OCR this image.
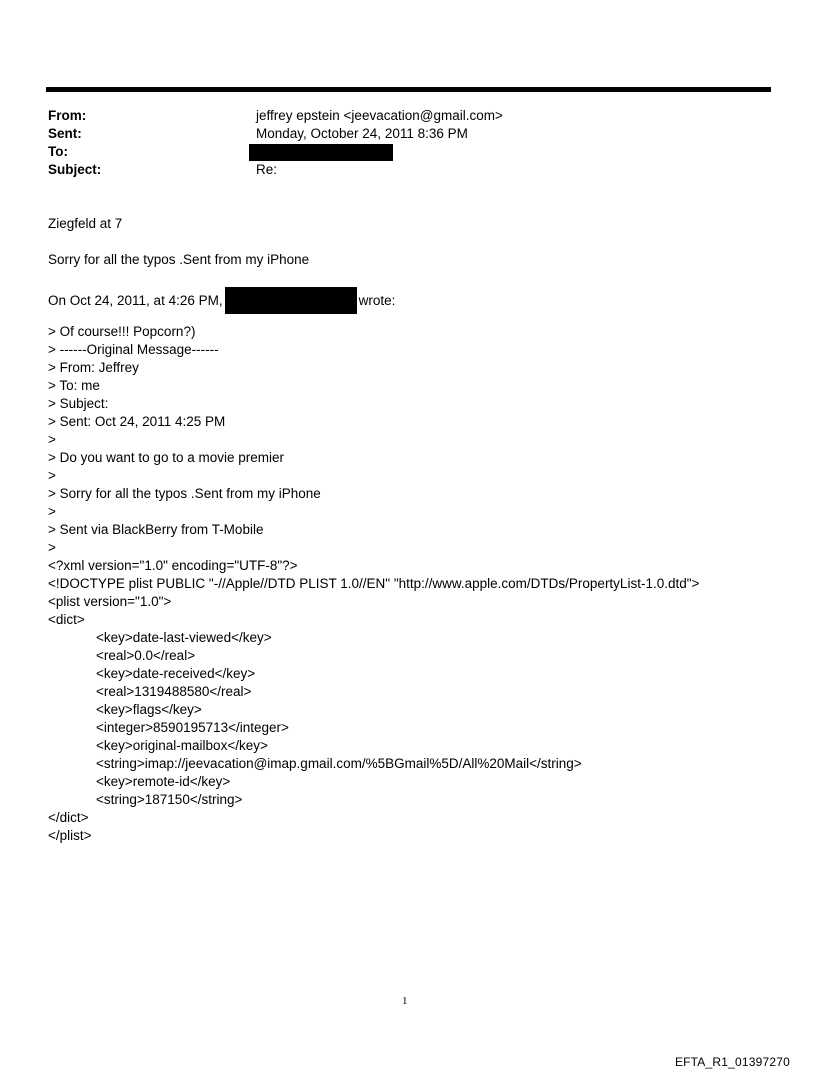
From:	jeffrey epstein <jeevacation@gmail.com>
Sent:	Monday, October 24, 2011 8:36 PM
To:
Subject:	Re:
Ziegfeld at 7
Sorry for all the typos .Sent from my iPhone
On Oct 24, 2011, at 4:26 PM,	wrote:
> Of course!!! Popcorn?)
> ------Original Message------
> From: Jeffrey
> To: me
> Subject:
> Sent: Oct 24, 2011 4:25 PM
>
> Do you want to go to a movie premier
>
> Sorry for all the typos .Sent from my iPhone
>
> Sent via BlackBerry from T-Mobile
>
<?xml version="1.0" encoding="UTF-8"?>
<!DOCTYPE plist PUBLIC "-//Apple//DTD PLIST 1.0//EN" "http://www.apple.com/DTDs/PropertyList-1.0.dtd">
<plist version="1.0">
<dict>
<key>date-last-viewed</key>
<real>0.0</real>
<key>date-received</key>
<real>1319488580</real>
<key>flags</key>
<integer>8590195713</integer>
<key>original-mailbox</key>
<string>imap://jeevacation@imap.gmail.com/%5BGmail%5D/All%20Mail</string>
<key>remote-id</key>
<string>187150</string>
</dict>
</plist>
1
EFTA_R1_01397270
